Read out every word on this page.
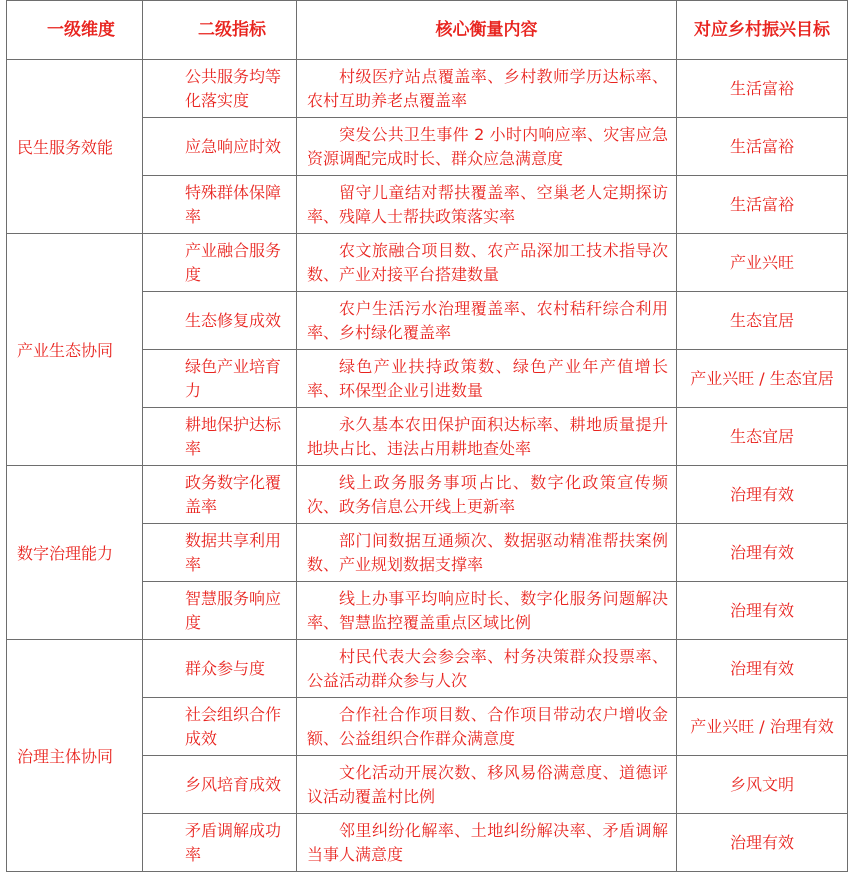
一级维度	二级指标	核心衡量内容	对应乡村振兴目标
民生服务效能	公共服务均等化落实度	村级医疗站点覆盖率、乡村教师学历达标率、农村互助养老点覆盖率	生活富裕
	应急响应时效	突发公共卫生事件 2 小时内响应率、灾害应急资源调配完成时长、群众应急满意度	生活富裕
	特殊群体保障率	留守儿童结对帮扶覆盖率、空巢老人定期探访率、残障人士帮扶政策落实率	生活富裕
产业生态协同	产业融合服务度	农文旅融合项目数、农产品深加工技术指导次数、产业对接平台搭建数量	产业兴旺
	生态修复成效	农户生活污水治理覆盖率、农村秸秆综合利用率、乡村绿化覆盖率	生态宜居
	绿色产业培育力	绿色产业扶持政策数、绿色产业年产值增长率、环保型企业引进数量	产业兴旺 / 生态宜居
	耕地保护达标率	永久基本农田保护面积达标率、耕地质量提升地块占比、违法占用耕地查处率	生态宜居
数字治理能力	政务数字化覆盖率	线上政务服务事项占比、数字化政策宣传频次、政务信息公开线上更新率	治理有效
	数据共享利用率	部门间数据互通频次、数据驱动精准帮扶案例数、产业规划数据支撑率	治理有效
	智慧服务响应度	线上办事平均响应时长、数字化服务问题解决率、智慧监控覆盖重点区域比例	治理有效
治理主体协同	群众参与度	村民代表大会参会率、村务决策群众投票率、公益活动群众参与人次	治理有效
	社会组织合作成效	合作社合作项目数、合作项目带动农户增收金额、公益组织合作群众满意度	产业兴旺 / 治理有效
	乡风培育成效	文化活动开展次数、移风易俗满意度、道德评议活动覆盖村比例	乡风文明
	矛盾调解成功率	邻里纠纷化解率、土地纠纷解决率、矛盾调解当事人满意度	治理有效
